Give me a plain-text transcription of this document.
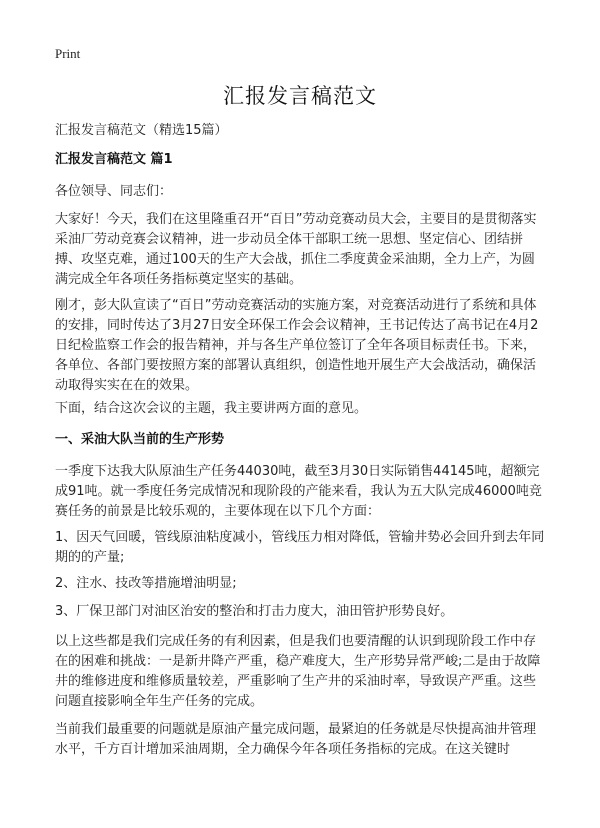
Print
汇报发言稿范文

汇报发言稿范文（精选15篇）

汇报发言稿范文 篇1

各位领导、同志们：

大家好！今天，我们在这里隆重召开“百日”劳动竞赛动员大会，主要目的是贯彻落实采油厂劳动竞赛会议精神，进一步动员全体干部职工统一思想、坚定信心、团结拼搏、攻坚克难，通过100天的生产大会战，抓住二季度黄金采油期，全力上产，为圆满完成全年各项任务指标奠定坚实的基础。

刚才，彭大队宣读了“百日”劳动竞赛活动的实施方案，对竞赛活动进行了系统和具体的安排，同时传达了3月27日安全环保工作会会议精神，王书记传达了高书记在4月2日纪检监察工作会的报告精神，并与各生产单位签订了全年各项目标责任书。下来，各单位、各部门要按照方案的部署认真组织，创造性地开展生产大会战活动，确保活动取得实实在在的效果。

下面，结合这次会议的主题，我主要讲两方面的意见。

一、采油大队当前的生产形势

一季度下达我大队原油生产任务44030吨，截至3月30日实际销售44145吨，超额完成91吨。就一季度任务完成情况和现阶段的产能来看，我认为五大队完成46000吨竞赛任务的前景是比较乐观的，主要体现在以下几个方面：

1、因天气回暖，管线原油粘度减小，管线压力相对降低，管输井势必会回升到去年同期的的产量;

2、注水、技改等措施增油明显;

3、厂保卫部门对油区治安的整治和打击力度大，油田管护形势良好。

以上这些都是我们完成任务的有利因素，但是我们也要清醒的认识到现阶段工作中存在的困难和挑战：一是新井降产严重，稳产难度大，生产形势异常严峻;二是由于故障井的维修进度和维修质量较差，严重影响了生产井的采油时率，导致误产严重。这些问题直接影响全年生产任务的完成。

当前我们最重要的问题就是原油产量完成问题，最紧迫的任务就是尽快提高油井管理水平，千方百计增加采油周期，全力确保今年各项任务指标的完成。在这关键时
